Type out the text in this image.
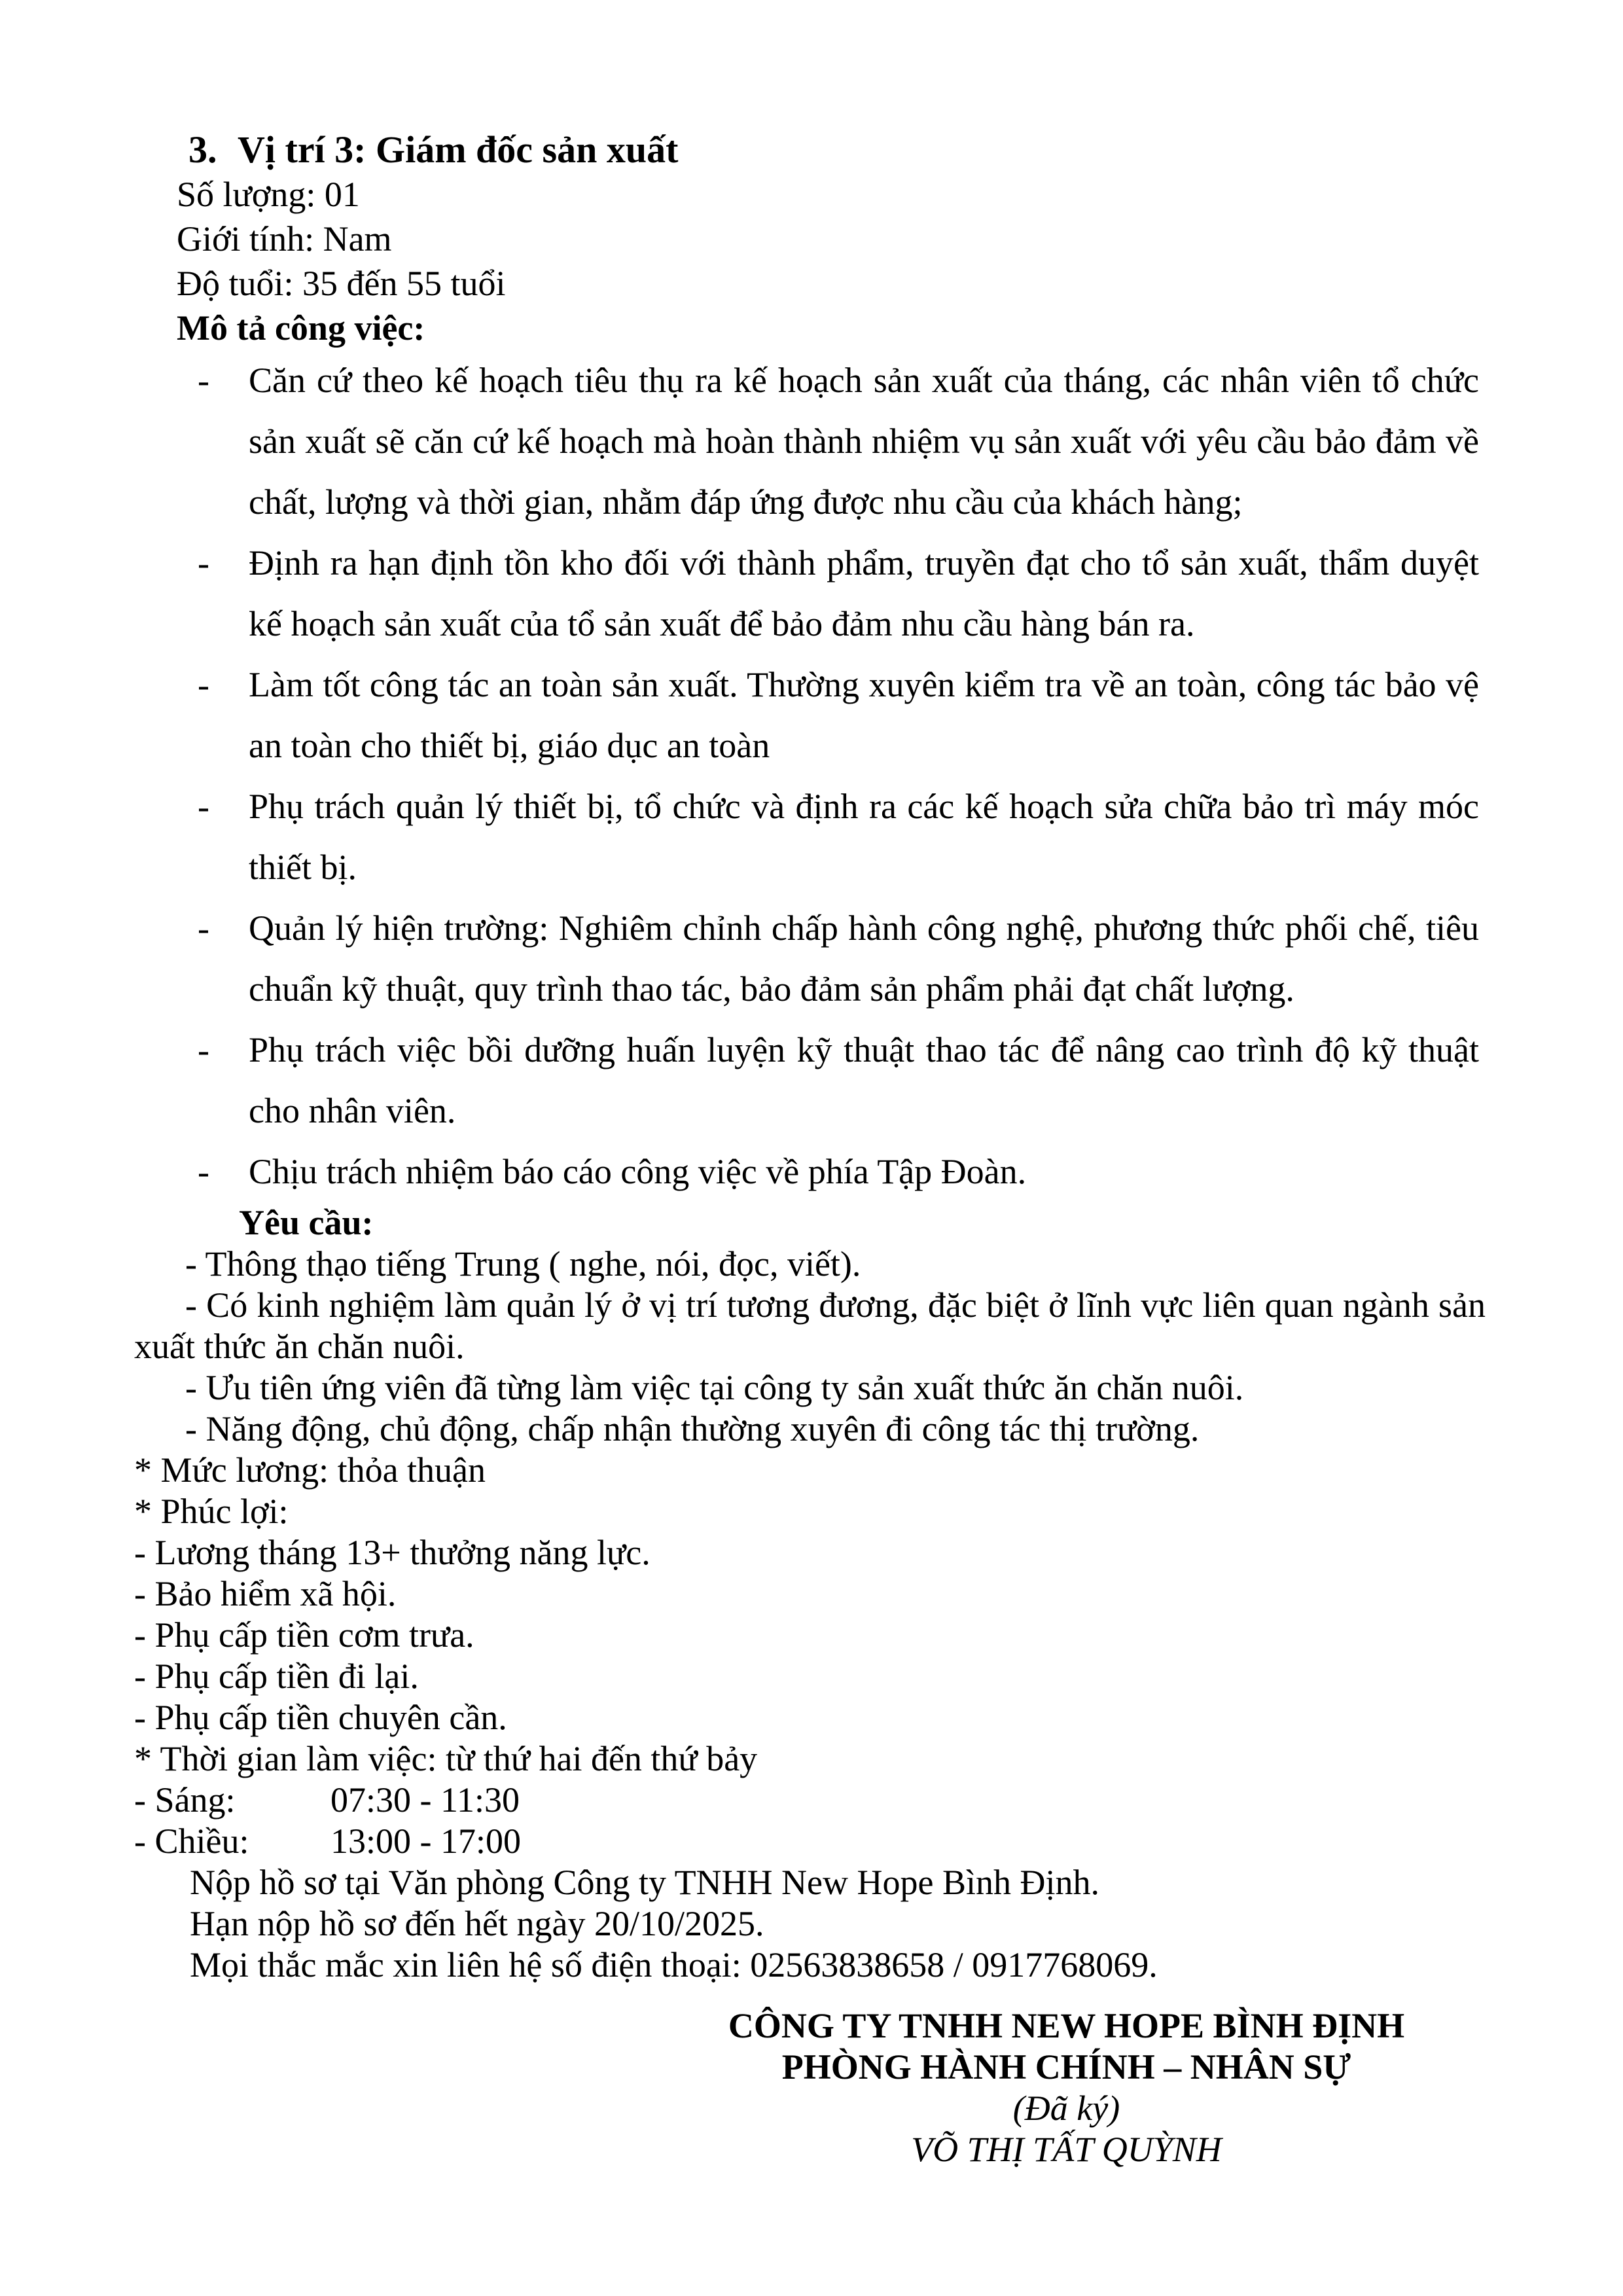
3. Vị trí 3: Giám đốc sản xuất
Số lượng: 01
Giới tính: Nam
Độ tuổi: 35 đến 55 tuổi
Mô tả công việc:
- Căn cứ theo kế hoạch tiêu thụ ra kế hoạch sản xuất của tháng, các nhân viên tổ chức sản xuất sẽ căn cứ kế hoạch mà hoàn thành nhiệm vụ sản xuất với yêu cầu bảo đảm về chất, lượng và thời gian, nhằm đáp ứng được nhu cầu của khách hàng;
- Định ra hạn định tồn kho đối với thành phẩm, truyền đạt cho tổ sản xuất, thẩm duyệt kế hoạch sản xuất của tổ sản xuất để bảo đảm nhu cầu hàng bán ra.
- Làm tốt công tác an toàn sản xuất. Thường xuyên kiểm tra về an toàn, công tác bảo vệ an toàn cho thiết bị, giáo dục an toàn
- Phụ trách quản lý thiết bị, tổ chức và định ra các kế hoạch sửa chữa bảo trì máy móc thiết bị.
- Quản lý hiện trường: Nghiêm chỉnh chấp hành công nghệ, phương thức phối chế, tiêu chuẩn kỹ thuật, quy trình thao tác, bảo đảm sản phẩm phải đạt chất lượng.
- Phụ trách việc bồi dưỡng huấn luyện kỹ thuật thao tác để nâng cao trình độ kỹ thuật cho nhân viên.
- Chịu trách nhiệm báo cáo công việc về phía Tập Đoàn.
Yêu cầu:
- Thông thạo tiếng Trung ( nghe, nói, đọc, viết).
- Có kinh nghiệm làm quản lý ở vị trí tương đương, đặc biệt ở lĩnh vực liên quan ngành sản xuất thức ăn chăn nuôi.
- Ưu tiên ứng viên đã từng làm việc tại công ty sản xuất thức ăn chăn nuôi.
- Năng động, chủ động, chấp nhận thường xuyên đi công tác thị trường.
* Mức lương: thỏa thuận
* Phúc lợi:
- Lương tháng 13+ thưởng năng lực.
- Bảo hiểm xã hội.
- Phụ cấp tiền cơm trưa.
- Phụ cấp tiền đi lại.
- Phụ cấp tiền chuyên cần.
* Thời gian làm việc: từ thứ hai đến thứ bảy
- Sáng:	07:30 - 11:30
- Chiều: 13:00 - 17:00
Nộp hồ sơ tại Văn phòng Công ty TNHH New Hope Bình Định.
Hạn nộp hồ sơ đến hết ngày 20/10/2025.
Mọi thắc mắc xin liên hệ số điện thoại: 02563838658 / 0917768069.
CÔNG TY TNHH NEW HOPE BÌNH ĐỊNH
PHÒNG HÀNH CHÍNH – NHÂN SỰ
(Đã ký)
VÕ THỊ TẤT QUỲNH
